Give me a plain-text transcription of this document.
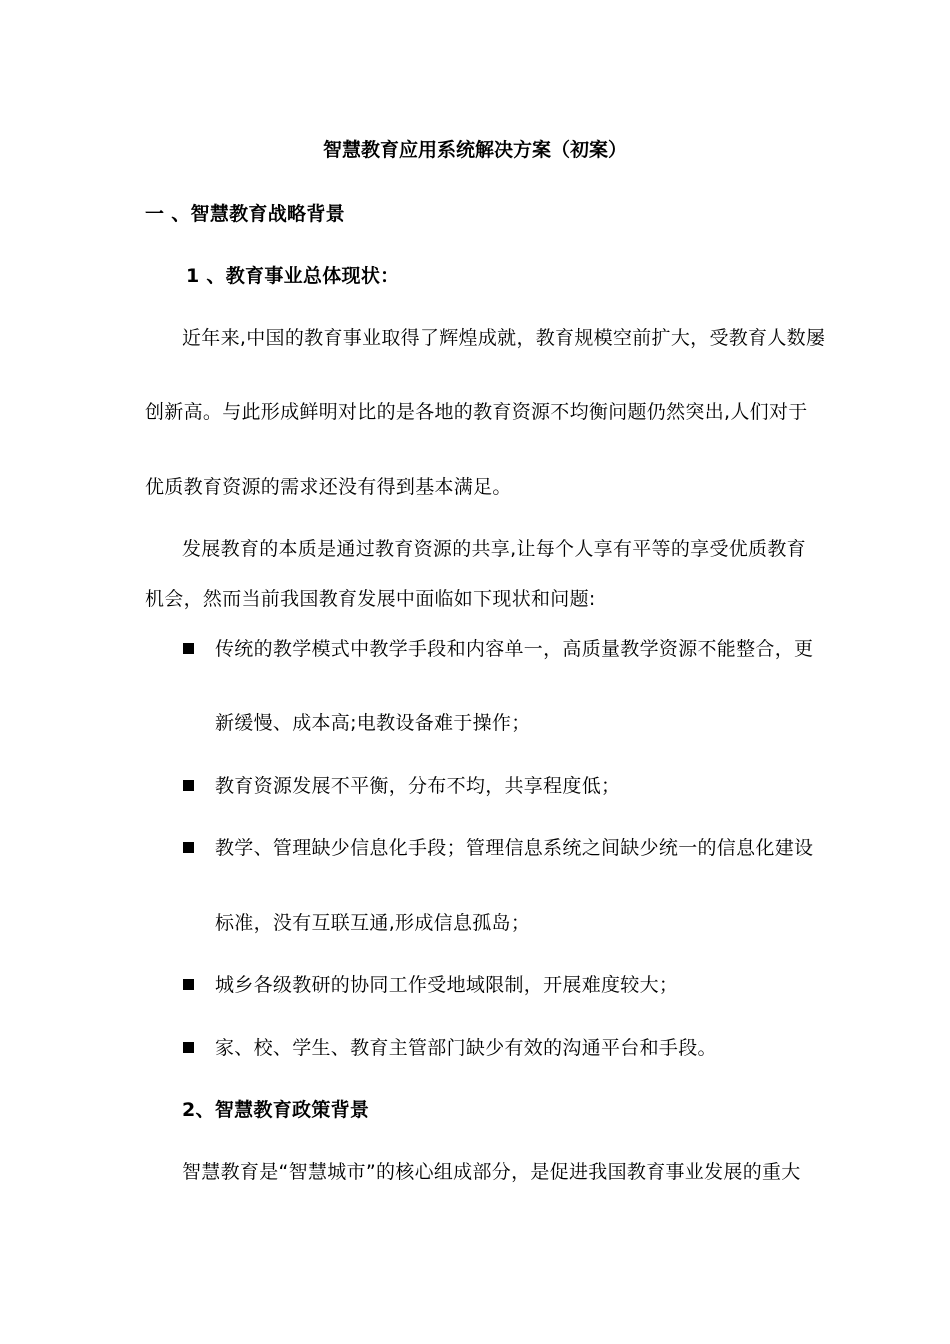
智慧教育应用系统解决方案（初案）
一 、智慧教育战略背景
1 、教育事业总体现状：
近年来,中国的教育事业取得了辉煌成就，教育规模空前扩大，受教育人数屡
创新高。与此形成鲜明对比的是各地的教育资源不均衡问题仍然突出,人们对于
优质教育资源的需求还没有得到基本满足。
发展教育的本质是通过教育资源的共享,让每个人享有平等的享受优质教育
机会，然而当前我国教育发展中面临如下现状和问题:
传统的教学模式中教学手段和内容单一，高质量教学资源不能整合，更
新缓慢、成本高;电教设备难于操作；
教育资源发展不平衡，分布不均，共享程度低；
教学、管理缺少信息化手段；管理信息系统之间缺少统一的信息化建设
标准，没有互联互通,形成信息孤岛；
城乡各级教研的协同工作受地域限制，开展难度较大；
家、校、学生、教育主管部门缺少有效的沟通平台和手段。
2、智慧教育政策背景
智慧教育是“智慧城市”的核心组成部分，是促进我国教育事业发展的重大
